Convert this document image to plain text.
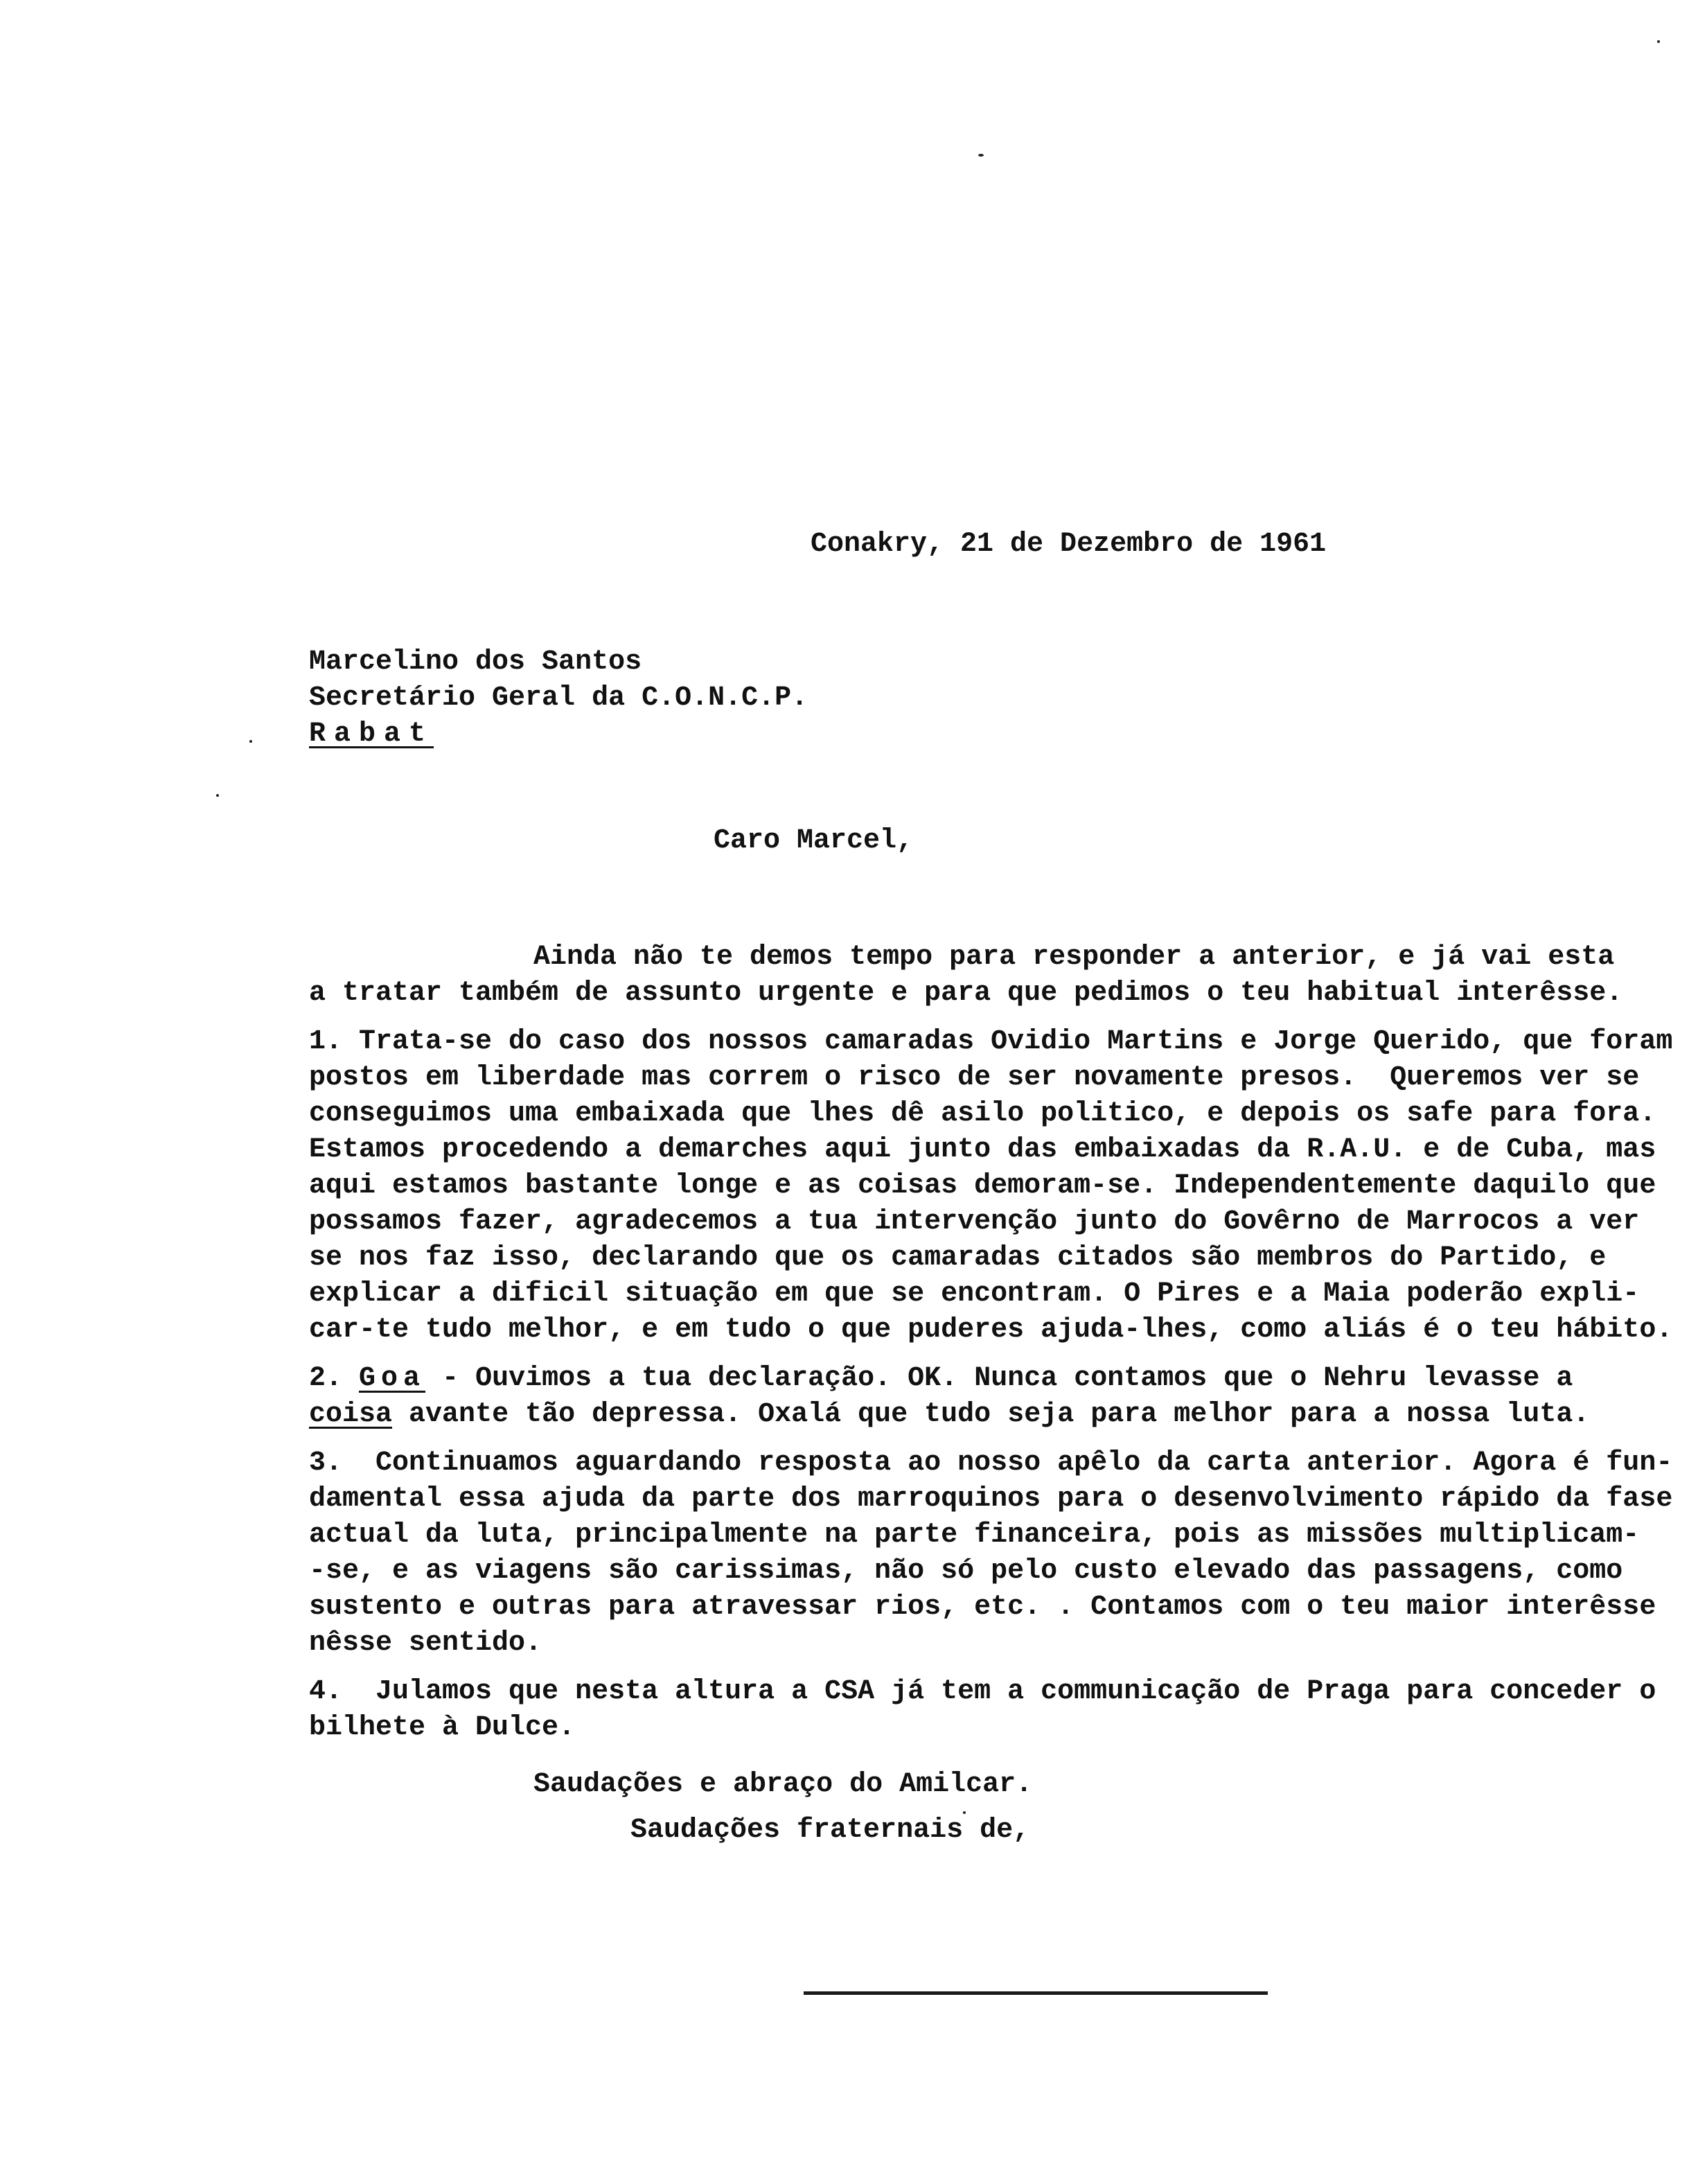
Conakry, 21 de Dezembro de 1961
Marcelino dos Santos
Secretário Geral da C.O.N.C.P.
Rabat
Caro Marcel,
Ainda não te demos tempo para responder a anterior, e já vai esta
a tratar também de assunto urgente e para que pedimos o teu habitual interêsse.
1. Trata-se do caso dos nossos camaradas Ovidio Martins e Jorge Querido, que foram
postos em liberdade mas correm o risco de ser novamente presos.  Queremos ver se
conseguimos uma embaixada que lhes dê asilo politico, e depois os safe para fora.
Estamos procedendo a demarches aqui junto das embaixadas da R.A.U. e de Cuba, mas
aqui estamos bastante longe e as coisas demoram-se. Independentemente daquilo que
possamos fazer, agradecemos a tua intervenção junto do Govêrno de Marrocos a ver
se nos faz isso, declarando que os camaradas citados são membros do Partido, e
explicar a dificil situação em que se encontram. O Pires e a Maia poderão expli-
car-te tudo melhor, e em tudo o que puderes ajuda-lhes, como aliás é o teu hábito.
2. Goa - Ouvimos a tua declaração. OK. Nunca contamos que o Nehru levasse a
coisa avante tão depressa. Oxalá que tudo seja para melhor para a nossa luta.
3.  Continuamos aguardando resposta ao nosso apêlo da carta anterior. Agora é fun-
damental essa ajuda da parte dos marroquinos para o desenvolvimento rápido da fase
actual da luta, principalmente na parte financeira, pois as missões multiplicam-
-se, e as viagens são carissimas, não só pelo custo elevado das passagens, como
sustento e outras para atravessar rios, etc. . Contamos com o teu maior interêsse
nêsse sentido.
4.  Julamos que nesta altura a CSA já tem a communicação de Praga para conceder o
bilhete à Dulce.
Saudações e abraço do Amilcar.
Saudações fraternais de,
